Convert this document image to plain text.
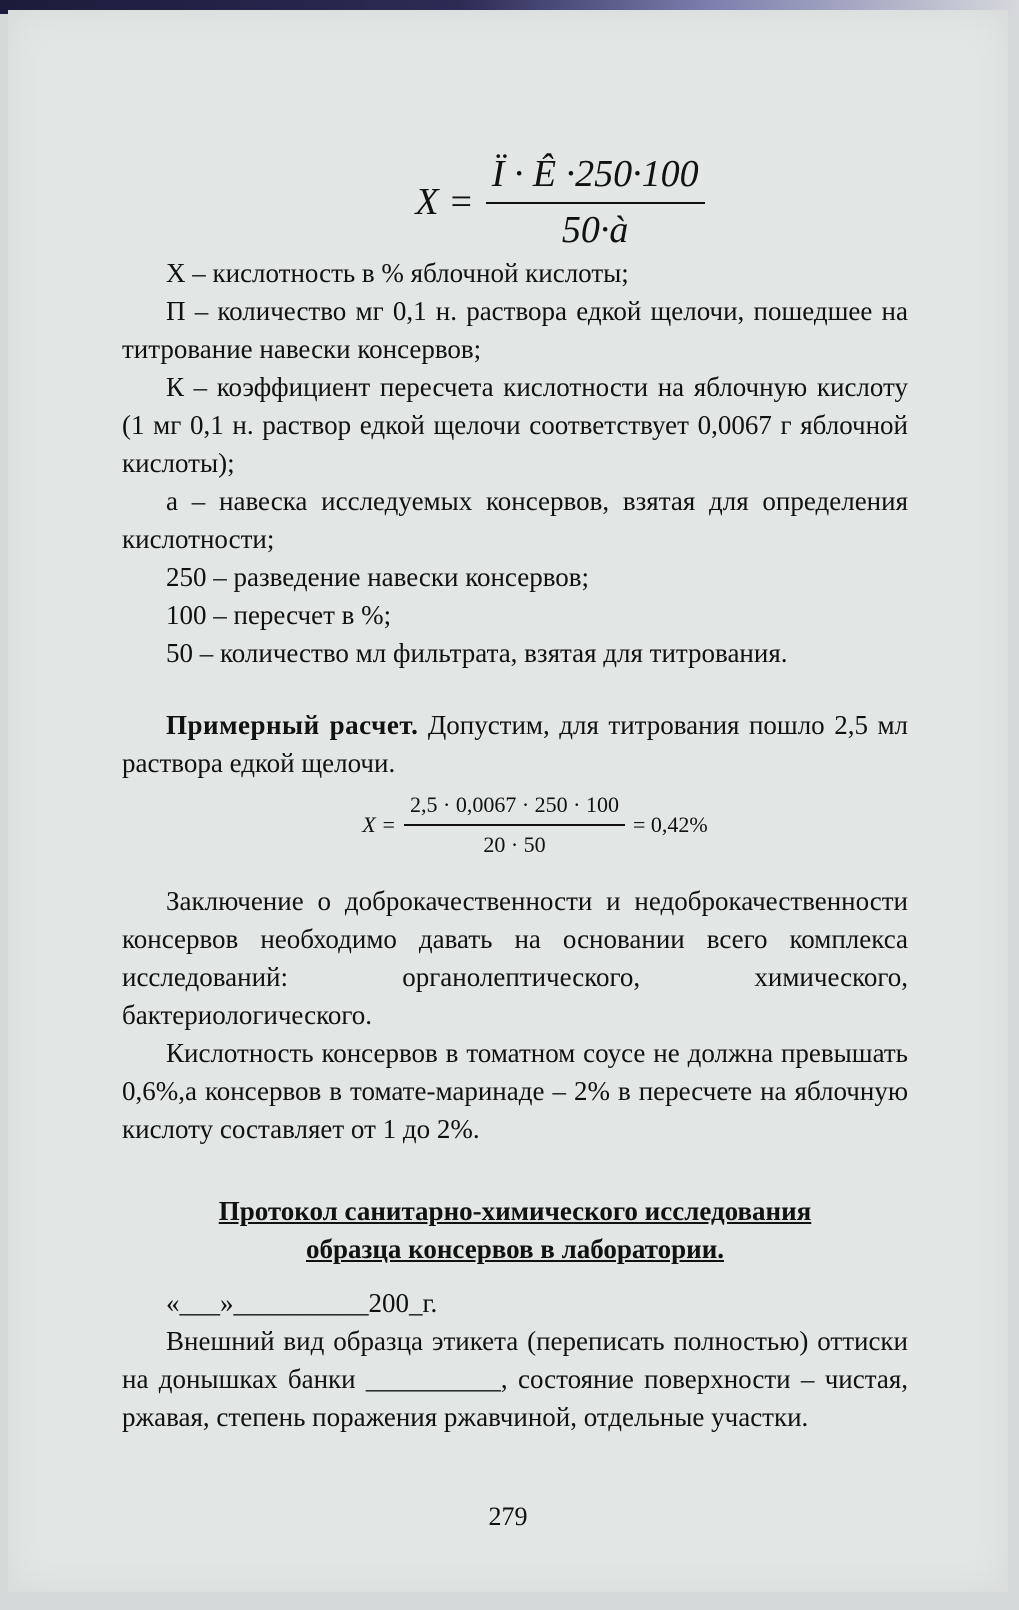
$X = \frac{Ï \cdot Ê \cdot 250\cdot 100}{50\cdot à}$

Х – кислотность в % яблочной кислоты;

П – количество мг 0,1 н. раствора едкой щелочи, пошедшее на титрование навески консервов;

К – коэффициент пересчета кислотности на яблочную кислоту (1 мг 0,1 н. раствор едкой щелочи соответствует 0,0067 г яблочной кислоты);

а – навеска исследуемых консервов, взятая для определения кислотности;

250 – разведение навески консервов;

100 – пересчет в %;

50 – количество мл фильтрата, взятая для титрования.

Примерный расчет. Допустим, для титрования пошло 2,5 мл раствора едкой щелочи.

$X = \frac{2,5 \cdot 0,0067 \cdot 250 \cdot 100}{20 \cdot 50} = 0,42\%$

Заключение о доброкачественности и недоброкачественности консервов необходимо давать на основании всего комплекса исследований: органолептического, химического, бактериологического.

Кислотность консервов в томатном соусе не должна превышать 0,6%,а консервов в томате-маринаде – 2% в пересчете на яблочную кислоту составляет от 1 до 2%.

Протокол санитарно-химического исследования
образца консервов в лаборатории.

«___»__________200_г.

Внешний вид образца этикета (переписать полностью) оттиски на донышках банки __________, состояние поверхности – чистая, ржавая, степень поражения ржавчиной, отдельные участки.

279
